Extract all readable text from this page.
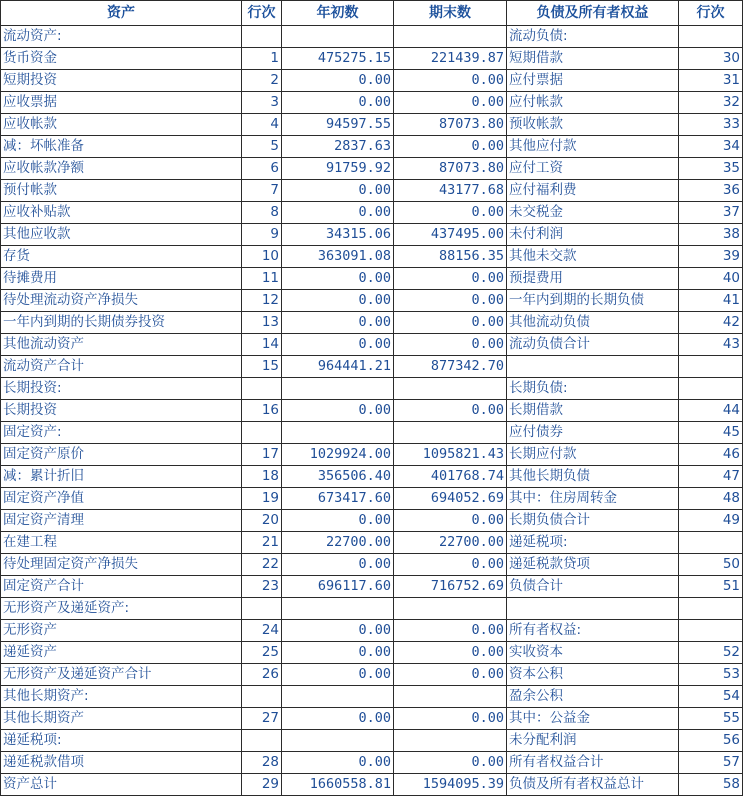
资产	行次	年初数	期末数	负债及所有者权益	行次
流动资产:				流动负债:	
货币资金	1	475275.15	221439.87	短期借款	30
短期投资	2	0.00	0.00	应付票据	31
应收票据	3	0.00	0.00	应付帐款	32
应收帐款	4	94597.55	87073.80	预收帐款	33
减：坏帐准备	5	2837.63	0.00	其他应付款	34
应收帐款净额	6	91759.92	87073.80	应付工资	35
预付帐款	7	0.00	43177.68	应付福利费	36
应收补贴款	8	0.00	0.00	未交税金	37
其他应收款	9	34315.06	437495.00	未付利润	38
存货	10	363091.08	88156.35	其他未交款	39
待摊费用	11	0.00	0.00	预提费用	40
待处理流动资产净损失	12	0.00	0.00	一年内到期的长期负债	41
一年内到期的长期债券投资	13	0.00	0.00	其他流动负债	42
其他流动资产	14	0.00	0.00	流动负债合计	43
流动资产合计	15	964441.21	877342.70		
长期投资:				长期负债:	
长期投资	16	0.00	0.00	长期借款	44
固定资产:				应付债券	45
固定资产原价	17	1029924.00	1095821.43	长期应付款	46
减：累计折旧	18	356506.40	401768.74	其他长期负债	47
固定资产净值	19	673417.60	694052.69	其中：住房周转金	48
固定资产清理	20	0.00	0.00	长期负债合计	49
在建工程	21	22700.00	22700.00	递延税项:	
待处理固定资产净损失	22	0.00	0.00	递延税款贷项	50
固定资产合计	23	696117.60	716752.69	负债合计	51
无形资产及递延资产:					
无形资产	24	0.00	0.00	所有者权益:	
递延资产	25	0.00	0.00	实收资本	52
无形资产及递延资产合计	26	0.00	0.00	资本公积	53
其他长期资产:				盈余公积	54
其他长期资产	27	0.00	0.00	其中：公益金	55
递延税项:				未分配利润	56
递延税款借项	28	0.00	0.00	所有者权益合计	57
资产总计	29	1660558.81	1594095.39	负债及所有者权益总计	58
